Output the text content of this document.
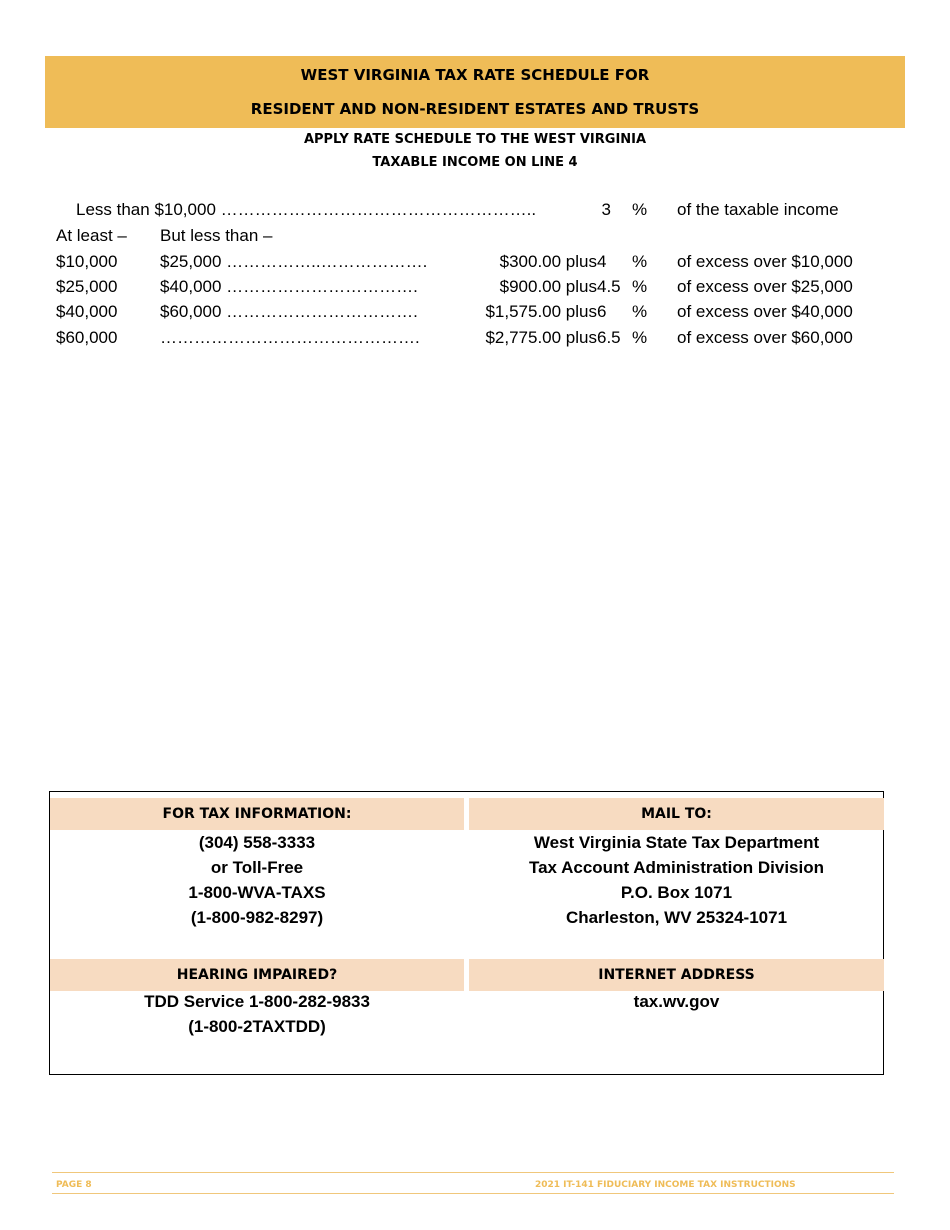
WEST VIRGINIA TAX RATE SCHEDULE FOR
RESIDENT AND NON-RESIDENT ESTATES AND TRUSTS
APPLY RATE SCHEDULE TO THE WEST VIRGINIA
TAXABLE INCOME ON LINE 4
Less than $10,000 ………………………………………………..	3 % of the taxable income
At least – But less than –
$10,000	$25,000 ……………..……………….	$300.00 plus 4 % of excess over $10,000
$25,000	$40,000 …………………………….	$900.00 plus 4.5 % of excess over $25,000
$40,000	$60,000 …………………………….	$1,575.00 plus 6 % of excess over $40,000
$60,000	……………………………………….	$2,775.00 plus 6.5 % of excess over $60,000
FOR TAX INFORMATION:	MAIL TO:
(304) 558-3333
or Toll-Free
1-800-WVA-TAXS
(1-800-982-8297)
West Virginia State Tax Department
Tax Account Administration Division
P.O. Box 1071
Charleston, WV 25324-1071
HEARING IMPAIRED?	INTERNET ADDRESS
TDD Service 1-800-282-9833
(1-800-2TAXTDD)
tax.wv.gov
PAGE 8	2021 IT-141 FIDUCIARY INCOME TAX INSTRUCTIONS
